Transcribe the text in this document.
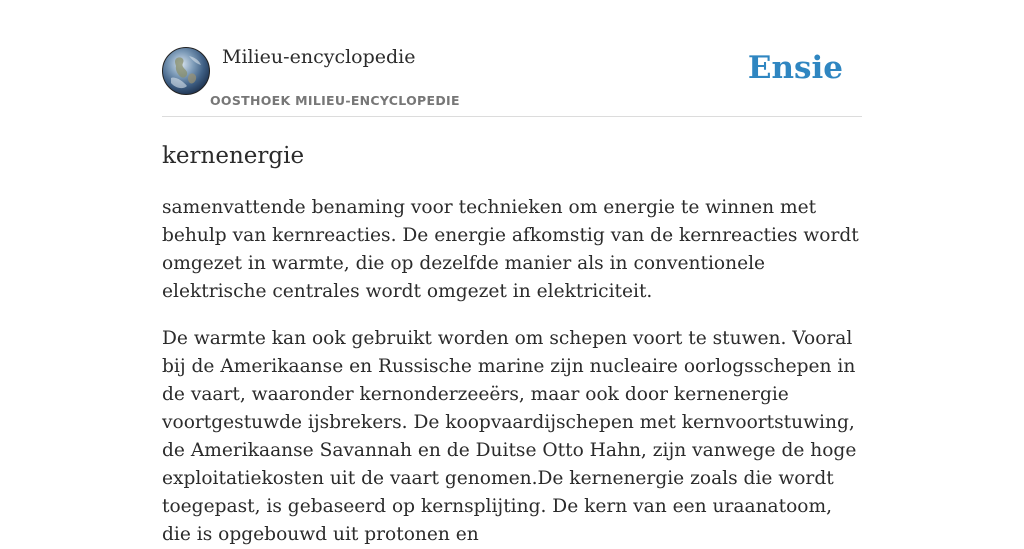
Milieu-encyclopedie
OOSTHOEK MILIEU-ENCYCLOPEDIE
Ensie
kernenergie

samenvattende benaming voor technieken om energie te winnen met behulp van kernreacties. De energie afkomstig van de kernreacties wordt omgezet in warmte, die op dezelfde manier als in conventionele elektrische centrales wordt omgezet in elektriciteit.

De warmte kan ook gebruikt worden om schepen voort te stuwen. Vooral bij de Amerikaanse en Russische marine zijn nucleaire oorlogsschepen in de vaart, waaronder kernonderzeeërs, maar ook door kernenergie voortgestuwde ijsbrekers. De koopvaardijschepen met kernvoortstuwing, de Amerikaanse Savannah en de Duitse Otto Hahn, zijn vanwege de hoge exploitatiekosten uit de vaart genomen.De kernenergie zoals die wordt toegepast, is gebaseerd op kernsplijting. De kern van een uraanatoom, die is opgebouwd uit protonen en
